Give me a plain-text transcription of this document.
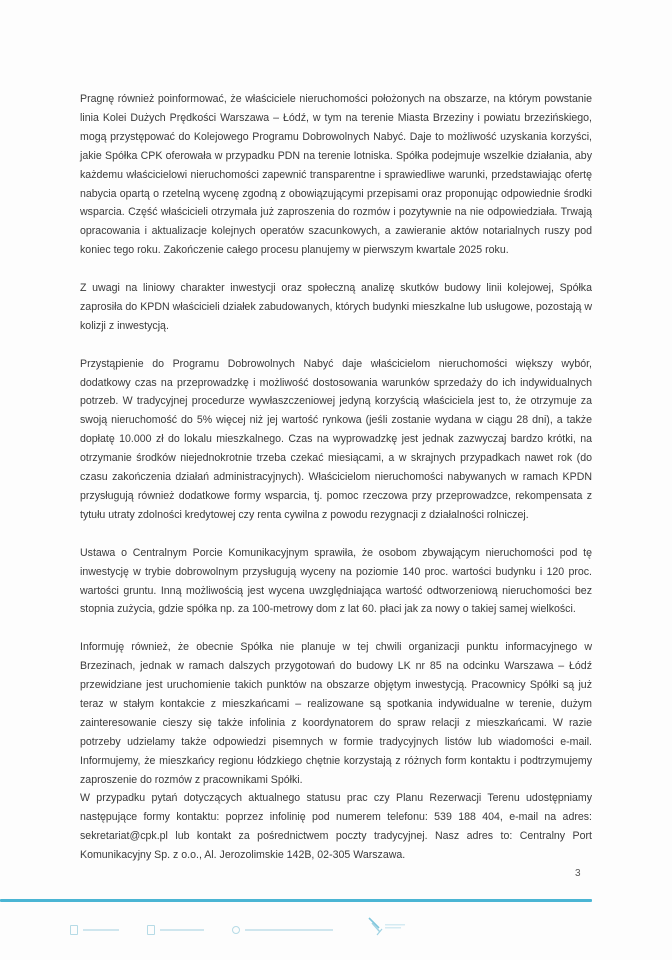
Pragnę również poinformować, że właściciele nieruchomości położonych na obszarze, na którym powstanie linia Kolei Dużych Prędkości Warszawa – Łódź, w tym na terenie Miasta Brzeziny i powiatu brzezińskiego, mogą przystępować do Kolejowego Programu Dobrowolnych Nabyć. Daje to możliwość uzyskania korzyści, jakie Spółka CPK oferowała w przypadku PDN na terenie lotniska. Spółka podejmuje wszelkie działania, aby każdemu właścicielowi nieruchomości zapewnić transparentne i sprawiedliwe warunki, przedstawiając ofertę nabycia opartą o rzetelną wycenę zgodną z obowiązującymi przepisami oraz proponując odpowiednie środki wsparcia. Część właścicieli otrzymała już zaproszenia do rozmów i pozytywnie na nie odpowiedziała. Trwają opracowania i aktualizacje kolejnych operatów szacunkowych, a zawieranie aktów notarialnych ruszy pod koniec tego roku. Zakończenie całego procesu planujemy w pierwszym kwartale 2025 roku.

Z uwagi na liniowy charakter inwestycji oraz społeczną analizę skutków budowy linii kolejowej, Spółka zaprosiła do KPDN właścicieli działek zabudowanych, których budynki mieszkalne lub usługowe, pozostają w kolizji z inwestycją.

Przystąpienie do Programu Dobrowolnych Nabyć daje właścicielom nieruchomości większy wybór, dodatkowy czas na przeprowadzkę i możliwość dostosowania warunków sprzedaży do ich indywidualnych potrzeb. W tradycyjnej procedurze wywłaszczeniowej jedyną korzyścią właściciela jest to, że otrzymuje za swoją nieruchomość do 5% więcej niż jej wartość rynkowa (jeśli zostanie wydana w ciągu 28 dni), a także dopłatę 10.000 zł do lokalu mieszkalnego. Czas na wyprowadzkę jest jednak zazwyczaj bardzo krótki, na otrzymanie środków niejednokrotnie trzeba czekać miesiącami, a w skrajnych przypadkach nawet rok (do czasu zakończenia działań administracyjnych). Właścicielom nieruchomości nabywanych w ramach KPDN przysługują również dodatkowe formy wsparcia, tj. pomoc rzeczowa przy przeprowadzce, rekompensata z tytułu utraty zdolności kredytowej czy renta cywilna z powodu rezygnacji z działalności rolniczej.

Ustawa o Centralnym Porcie Komunikacyjnym sprawiła, że osobom zbywającym nieruchomości pod tę inwestycję w trybie dobrowolnym przysługują wyceny na poziomie 140 proc. wartości budynku i 120 proc. wartości gruntu. Inną możliwością jest wycena uwzględniająca wartość odtworzeniową nieruchomości bez stopnia zużycia, gdzie spółka np. za 100-metrowy dom z lat 60. płaci jak za nowy o takiej samej wielkości.

Informuję również, że obecnie Spółka nie planuje w tej chwili organizacji punktu informacyjnego w Brzezinach, jednak w ramach dalszych przygotowań do budowy LK nr 85 na odcinku Warszawa – Łódź przewidziane jest uruchomienie takich punktów na obszarze objętym inwestycją. Pracownicy Spółki są już teraz w stałym kontakcie z mieszkańcami – realizowane są spotkania indywidualne w terenie, dużym zainteresowanie cieszy się także infolinia z koordynatorem do spraw relacji z mieszkańcami. W razie potrzeby udzielamy także odpowiedzi pisemnych w formie tradycyjnych listów lub wiadomości e-mail. Informujemy, że mieszkańcy regionu łódzkiego chętnie korzystają z różnych form kontaktu i podtrzymujemy zaproszenie do rozmów z pracownikami Spółki.

W przypadku pytań dotyczących aktualnego statusu prac czy Planu Rezerwacji Terenu udostępniamy następujące formy kontaktu: poprzez infolinię pod numerem telefonu: 539 188 404, e-mail na adres: sekretariat@cpk.pl lub kontakt za pośrednictwem poczty tradycyjnej. Nasz adres to: Centralny Port Komunikacyjny Sp. z o.o., Al. Jerozolimskie 142B, 02-305 Warszawa.

3
